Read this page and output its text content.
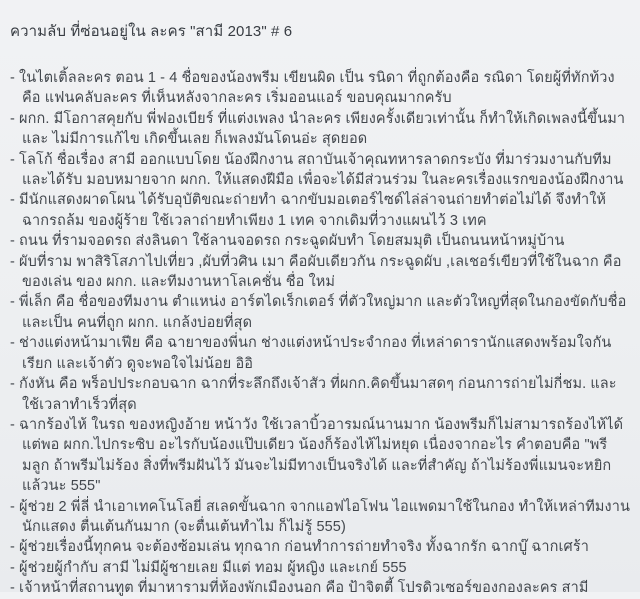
ความลับ ที่ซ่อนอยู่ใน ละคร "สามี 2013" # 6
- ในไตเติ้ลละคร ตอน 1 - 4 ชื่อของน้องพรีม เขียนผิด เป็น รนิดา ที่ถูกต้องคือ รณิดา โดยผู้ที่ทักท้วง คือ แฟนคลับละคร ที่เห็นหลังจากละคร เริ่มออนแอร์ ขอบคุณมากครับ
- ผกก. มีโอกาสคุยกับ พี่ฟองเบียร์ ที่แต่งเพลง นำละคร เพียงครั้งเดียวเท่านั้น ก็ทำให้เกิดเพลงนี้ขึ้นมา และ ไม่มีการแก้ไข เกิดขึ้นเลย ก็เพลงมันโดนอ่ะ สุดยอด
- โลโก้ ชื่อเรื่อง สามี ออกแบบโดย น้องฝึกงาน สถาบันเจ้าคุณทหารลาดกระบัง ที่มาร่วมงานกับทีม และได้รับ มอบหมายจาก ผกก. ให้แสดงฝีมือ เพื่อจะได้มีส่วนร่วม ในละครเรื่องแรกของน้องฝึกงาน
- มีนักแสดงผาดโผน ได้รับอุบัติขณะถ่ายทำ ฉากขับมอเตอร์ไซด์ไล่ล่าจนถ่ายทำต่อไม่ได้ จึงทำให้ฉากรถล้ม ของผู้ร้าย ใช้เวลาถ่ายทำเพียง 1 เทค จากเดิมที่วางแผนไว้ 3 เทค
- ถนน ที่รามจอดรถ ส่งลินดา ใช้ลานจอดรถ กระฉูดผับทำ โดยสมมุติ เป็นถนนหน้าหมู่บ้าน
- ผับที่ราม พาสิริโสภาไปเที่ยว ,ผับที่วศิน เมา คือผับเดียวกัน กระฉูดผับ ,เลเชอร์เขียวที่ใช้ในฉาก คือของเล่น ของ ผกก. และทีมงานหาโลเคชั่น ชื่อ ใหม่
- พี่เล็ก คือ ชื่อของทีมงาน ตำแหน่ง อาร์ตไดเร็กเตอร์ ที่ตัวใหญ่มาก และตัวใหญที่สุดในกองขัดกับชื่อ และเป็น คนที่ถูก ผกก. แกล้งบ่อยที่สุด
- ช่างแต่งหน้ามาเฟีย คือ ฉายาของพี่นก ช่างแต่งหน้าประจำกอง ที่เหล่าดารานักแสดงพร้อมใจกันเรียก และเจ้าตัว ดูจะพอใจไม่น้อย อิอิ
- กังหัน คือ พร็อปประกอบฉาก ฉากที่ระลึกถึงเจ้าสัว ที่ผกก.คิดขึ้นมาสดๆ ก่อนการถ่ายไม่กี่ชม. และใช้เวลาทำเร็วที่สุด
- ฉากร้องไห้ ในรถ ของหญิงอ้าย หน้าวัง ใช้เวลาบิ้วอารมณ์นานมาก น้องพรีมก็ไม่สามารถร้องไห้ได้ แต่พอ ผกก.ไปกระซิบ อะไรกับน้องแป๊บเดียว น้องก็ร้องไห้ไม่หยุด เนื่องจากอะไร คำตอบคือ "พรีมลูก ถ้าพรีมไม่ร้อง สิ่งที่พรีมฝันไว้ มันจะไม่มีทางเป็นจริงได้ และที่สำคัญ ถ้าไม่ร้องพี่แมนจะหยิกแล้วนะ 555"
- ผู้ช่วย 2 พี่ลี่ นำเอาเทคโนโลยี่ สเลดขั้นฉาก จากแอฟไอโฟน ไอแพดมาใช้ในกอง ทำให้เหล่าทีมงานนักแสดง ตื่นเต้นกันมาก (จะตื่นเต้นทำไม ก็ไม่รู้ 555)
- ผู้ช่วยเรื่องนี้ทุกคน จะต้องซ้อมเล่น ทุกฉาก ก่อนทำการถ่ายทำจริง ทั้งฉากรัก ฉากบู๊ ฉากเศร้า
- ผู้ช่วยผู้กำกับ สามี ไม่มีผู้ชายเลย มีแต่ ทอม ผู้หญิง และเกย์ 555
- เจ้าหน้าที่สถานทูต ที่มาหารามที่ห้องพักเมืองนอก คือ ป้าจิตตี้ โปรดิวเซอร์ของกองละคร สามี
